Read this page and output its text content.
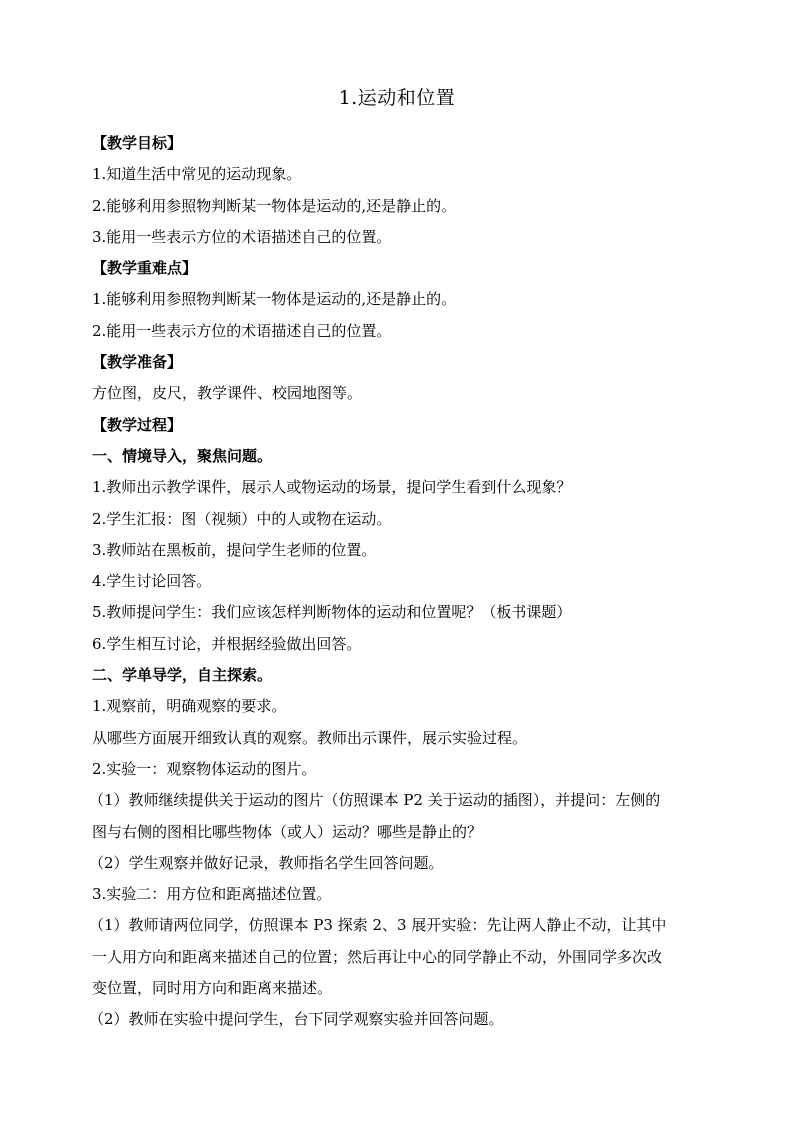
1.运动和位置
【教学目标】
1.知道生活中常见的运动现象。
2.能够利用参照物判断某一物体是运动的,还是静止的。
3.能用一些表示方位的术语描述自己的位置。
【教学重难点】
1.能够利用参照物判断某一物体是运动的,还是静止的。
2.能用一些表示方位的术语描述自己的位置。
【教学准备】
方位图，皮尺，教学课件、校园地图等。
【教学过程】
一、情境导入，聚焦问题。
1.教师出示教学课件，展示人或物运动的场景，提问学生看到什么现象？
2.学生汇报：图（视频）中的人或物在运动。
3.教师站在黑板前，提问学生老师的位置。
4.学生讨论回答。
5.教师提问学生：我们应该怎样判断物体的运动和位置呢？（板书课题）
6.学生相互讨论，并根据经验做出回答。
二、学单导学，自主探索。
1.观察前，明确观察的要求。
从哪些方面展开细致认真的观察。教师出示课件，展示实验过程。
2.实验一：观察物体运动的图片。
（1）教师继续提供关于运动的图片（仿照课本 P2 关于运动的插图），并提问：左侧的
图与右侧的图相比哪些物体（或人）运动？哪些是静止的？
（2）学生观察并做好记录，教师指名学生回答问题。
3.实验二：用方位和距离描述位置。
（1）教师请两位同学，仿照课本 P3 探索 2、3 展开实验：先让两人静止不动，让其中
一人用方向和距离来描述自己的位置；然后再让中心的同学静止不动，外围同学多次改
变位置，同时用方向和距离来描述。
（2）教师在实验中提问学生，台下同学观察实验并回答问题。
